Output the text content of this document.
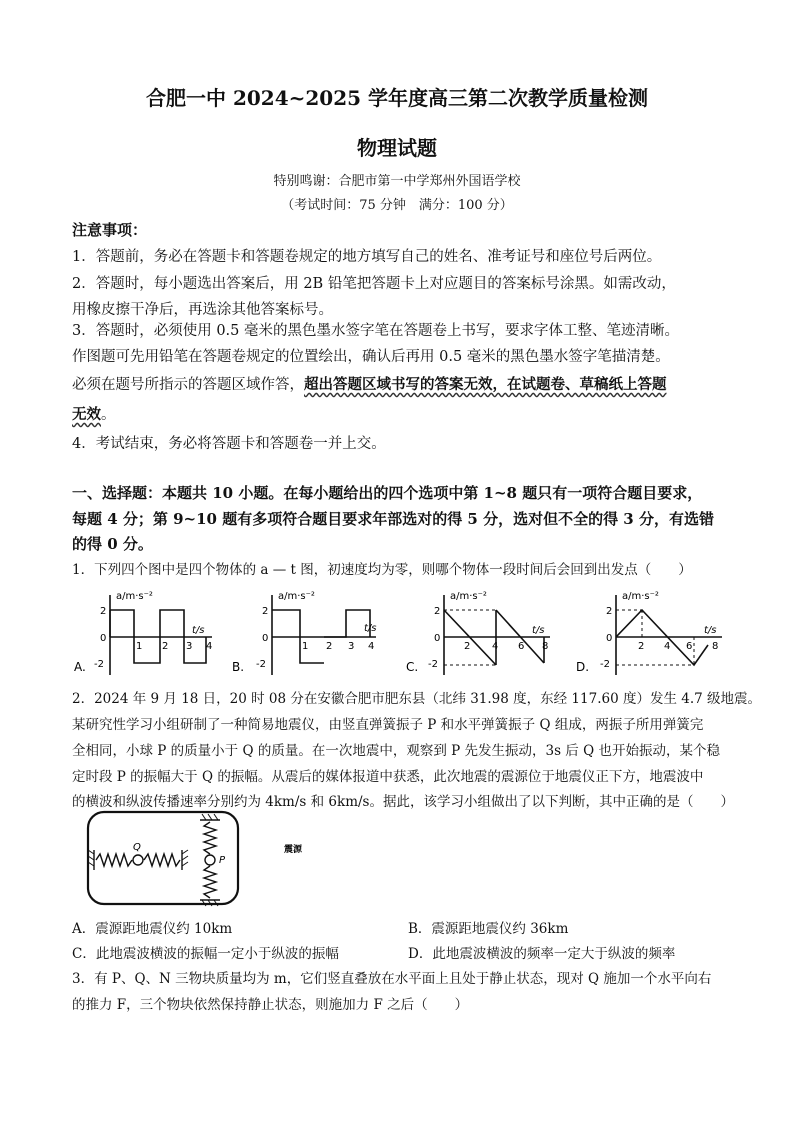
合肥一中 2024~2025 学年度高三第二次教学质量检测
物理试题
特别鸣谢：合肥市第一中学郑州外国语学校
（考试时间：75 分钟　满分：100 分）
注意事项：
1．答题前，务必在答题卡和答题卷规定的地方填写自己的姓名、准考证号和座位号后两位。
2．答题时，每小题选出答案后，用 2B 铅笔把答题卡上对应题目的答案标号涂黑。如需改动，
用橡皮擦干净后，再选涂其他答案标号。
3．答题时，必须使用 0.5 毫米的黑色墨水签字笔在答题卷上书写，要求字体工整、笔迹清晰。
作图题可先用铅笔在答题卷规定的位置绘出，确认后再用 0.5 毫米的黑色墨水签字笔描清楚。
必须在题号所指示的答题区域作答，超出答题区域书写的答案无效，在试题卷、草稿纸上答题
无效。
4．考试结束，务必将答题卡和答题卷一并上交。
一、选择题：本题共 10 小题。在每小题给出的四个选项中第 1~8 题只有一项符合题目要求，
每题 4 分；第 9~10 题有多项符合题目要求年部选对的得 5 分，选对但不全的得 3 分，有选错
的得 0 分。
1．下列四个图中是四个物体的 a — t 图，初速度均为零，则哪个物体一段时间后会回到出发点（　　）
a/m·s⁻²
t/s
2
0
-2
1 2 3 4
A.
a/m·s⁻²
t/s
2
0
-2
1 2 3 4
B.
a/m·s⁻²
t/s
2
0
-2
2 4 6 8
C.
a/m·s⁻²
t/s
2
0
-2
2 4 6 8
D.
2．2024 年 9 月 18 日，20 时 08 分在安徽合肥市肥东县（北纬 31.98 度，东经 117.60 度）发生 4.7 级地震。
某研究性学习小组研制了一种简易地震仪，由竖直弹簧振子 P 和水平弹簧振子 Q 组成，两振子所用弹簧完
全相同，小球 P 的质量小于 Q 的质量。在一次地震中，观察到 P 先发生振动，3s 后 Q 也开始振动，某个稳
定时段 P 的振幅大于 Q 的振幅。从震后的媒体报道中获悉，此次地震的震源位于地震仪正下方，地震波中
的横波和纵波传播速率分别约为 4km/s 和 6km/s。据此，该学习小组做出了以下判断，其中正确的是（　　）
Q
P
震源
A．震源距地震仪约 10km	B．震源距地震仪约 36km
C．此地震波横波的振幅一定小于纵波的振幅	D．此地震波横波的频率一定大于纵波的频率
3．有 P、Q、N 三物块质量均为 m，它们竖直叠放在水平面上且处于静止状态，现对 Q 施加一个水平向右
的推力 F，三个物块依然保持静止状态，则施加力 F 之后（　　）
